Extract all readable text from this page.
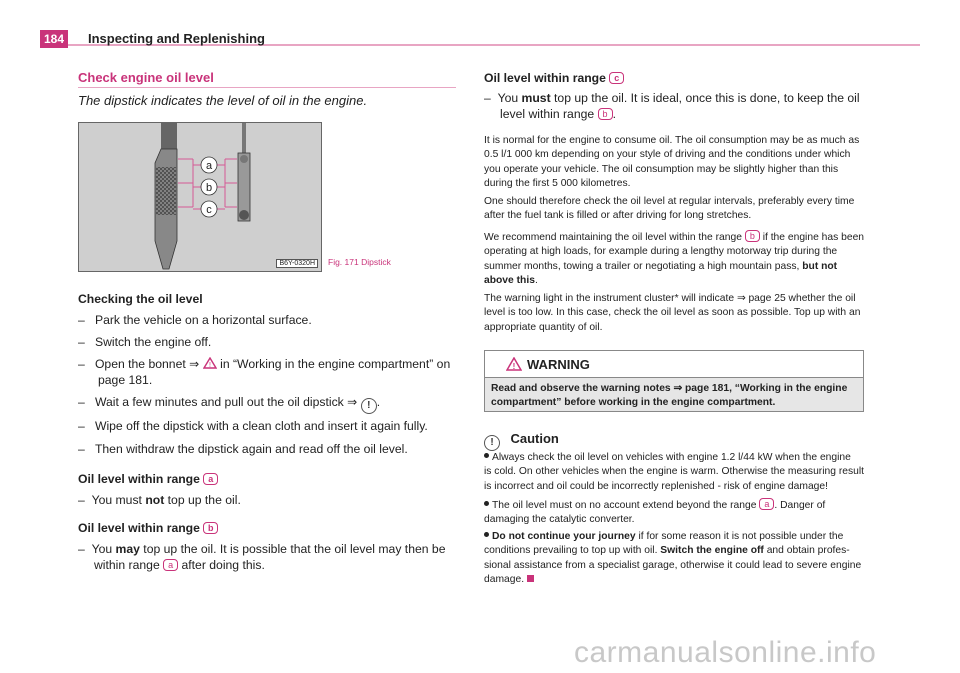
184	Inspecting and Replenishing
Check engine oil level
The dipstick indicates the level of oil in the engine.
a
b
c
B6Y-0320H	Fig. 171 Dipstick
Checking the oil level
–   Park the vehicle on a horizontal surface.
–   Switch the engine off.
–   Open the bonnet ⇒ ! in “Working in the engine compartment” on
page 181.
–   Wait a few minutes and pull out the oil dipstick ⇒ ! .
–   Wipe off the dipstick with a clean cloth and insert it again fully.
–   Then withdraw the dipstick again and read off the oil level.
Oil level within range a
–  You must not top up the oil.
Oil level within range b
–  You may top up the oil. It is possible that the oil level may then be
within range a after doing this.
Oil level within range c
–  You must top up the oil. It is ideal, once this is done, to keep the oil
level within range b .
It is normal for the engine to consume oil. The oil consumption may be as much as
0.5 l/1 000 km depending on your style of driving and the conditions under which
you operate your vehicle. The oil consumption may be slightly higher than this
during the first 5 000 kilometres.
One should therefore check the oil level at regular intervals, preferably every time
after the fuel tank is filled or after driving for long stretches.
We recommend maintaining the oil level within the range b if the engine has been
operating at high loads, for example during a lengthy motorway trip during the
summer months, towing a trailer or negotiating a high mountain pass, but not
above this.
The warning light in the instrument cluster* will indicate ⇒ page 25 whether the oil
level is too low. In this case, check the oil level as soon as possible. Top up with an
appropriate quantity of oil.
! WARNING
Read and observe the warning notes ⇒ page 181, “Working in the engine
compartment” before working in the engine compartment.
! Caution
Always check the oil level on vehicles with engine 1.2 l/44 kW when the engine
is cold. On other vehicles when the engine is warm. Otherwise the measuring result
is incorrect and oil could be incorrectly replenished - risk of engine damage!
The oil level must on no account extend beyond the range a . Danger of
damaging the catalytic converter.
Do not continue your journey if for some reason it is not possible under the
conditions prevailing to top up with oil. Switch the engine off and obtain profes-
sional assistance from a specialist garage, otherwise it could lead to severe engine
damage.
carmanualsonline.info
